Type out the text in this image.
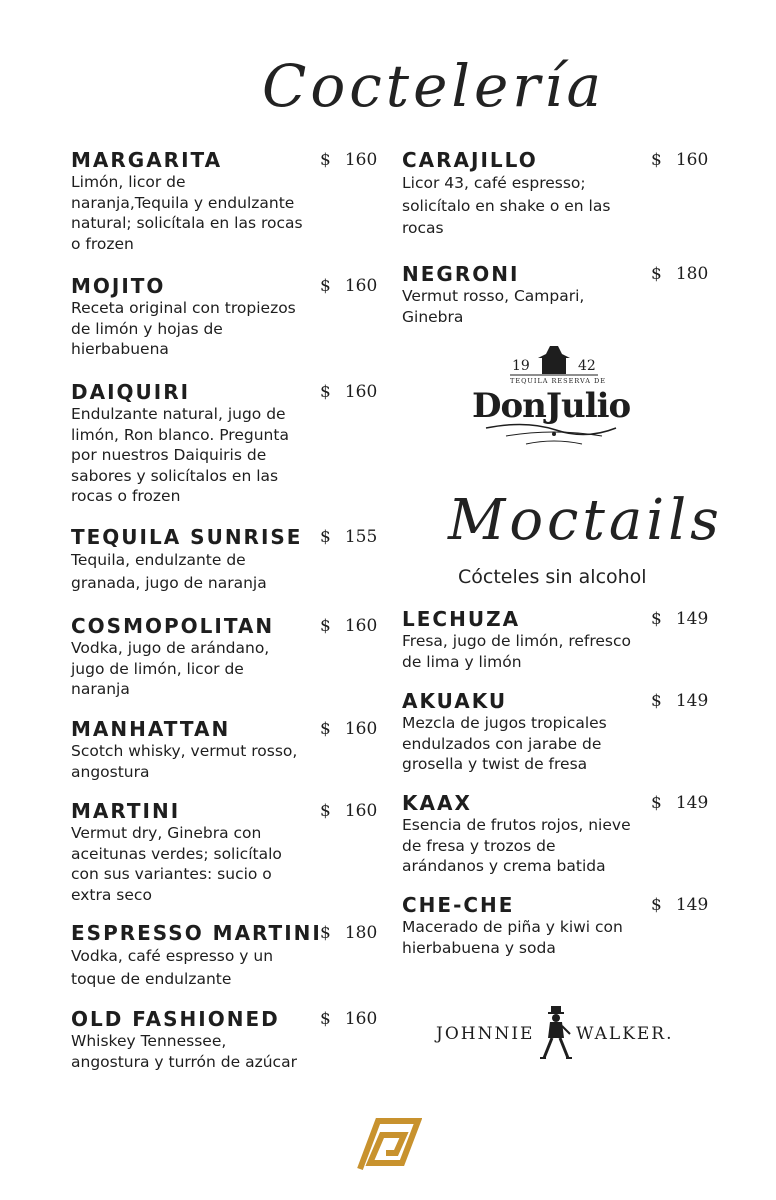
Coctelería
Moctails
Cócteles sin alcohol
MARGARITA
Limón, licor de naranja,Tequila y endulzante natural; solicítala en las rocas o frozen
$ 160
MOJITO
Receta original con tropiezos de limón y hojas de hierbabuena
$ 160
DAIQUIRI
Endulzante natural, jugo de limón, Ron blanco. Pregunta por nuestros Daiquiris de sabores y solicítalos en las rocas o frozen
$ 160
TEQUILA SUNRISE
Tequila, endulzante de granada, jugo de naranja
$ 155
COSMOPOLITAN
Vodka, jugo de arándano, jugo de limón, licor de naranja
$ 160
MANHATTAN
Scotch whisky, vermut rosso, angostura
$ 160
MARTINI
Vermut dry, Ginebra con aceitunas verdes; solicítalo con sus variantes: sucio o extra seco
$ 160
ESPRESSO MARTINI
Vodka, café espresso y un toque de endulzante
$ 180
OLD FASHIONED
Whiskey Tennessee, angostura y turrón de azúcar
$ 160
CARAJILLO
Licor 43, café espresso; solicítalo en shake o en las rocas
$ 160
NEGRONI
Vermut rosso, Campari, Ginebra
$ 180
19	42
TEQUILA RESERVA DE
DonJulio
LECHUZA
Fresa, jugo de limón, refresco de lima y limón
$ 149
AKUAKU
Mezcla de jugos tropicales endulzados con jarabe de grosella y twist de fresa
$ 149
KAAX
Esencia de frutos rojos, nieve de fresa y trozos de arándanos y crema batida
$ 149
CHE-CHE
Macerado de piña y kiwi con hierbabuena y soda
$ 149
JOHNNIE WALKER.
